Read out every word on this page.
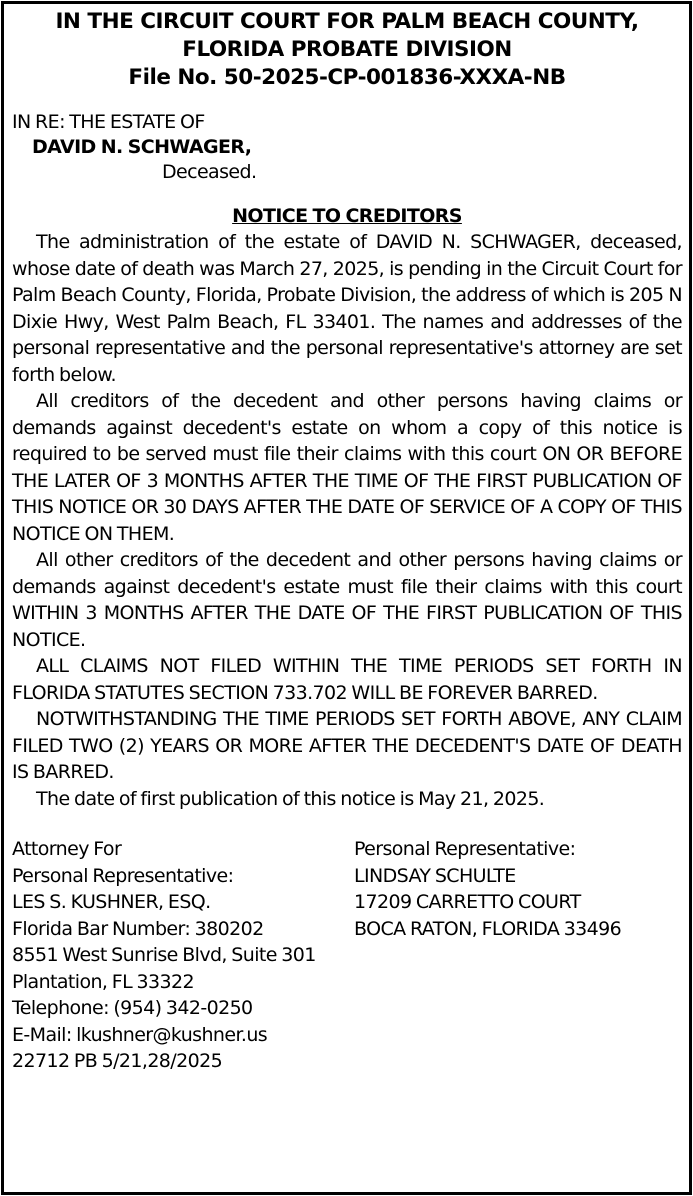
IN THE CIRCUIT COURT FOR PALM BEACH COUNTY,
FLORIDA PROBATE DIVISION
File No. 50-2025-CP-001836-XXXA-NB
IN RE: THE ESTATE OF
DAVID N. SCHWAGER,
Deceased.
NOTICE TO CREDITORS

The administration of the estate of DAVID N. SCHWAGER, deceased, whose date of death was March 27, 2025, is pending in the Circuit Court for Palm Beach County, Florida, Probate Division, the address of which is 205 N Dixie Hwy, West Palm Beach, FL 33401. The names and addresses of the personal representative and the personal representative's attorney are set forth below.

All creditors of the decedent and other persons having claims or demands against decedent's estate on whom a copy of this notice is required to be served must file their claims with this court ON OR BEFORE THE LATER OF 3 MONTHS AFTER THE TIME OF THE FIRST PUBLICATION OF THIS NOTICE OR 30 DAYS AFTER THE DATE OF SERVICE OF A COPY OF THIS NOTICE ON THEM.

All other creditors of the decedent and other persons having claims or demands against decedent's estate must file their claims with this court WITHIN 3 MONTHS AFTER THE DATE OF THE FIRST PUBLICATION OF THIS NOTICE.

ALL CLAIMS NOT FILED WITHIN THE TIME PERIODS SET FORTH IN FLORIDA STATUTES SECTION 733.702 WILL BE FOREVER BARRED.

NOTWITHSTANDING THE TIME PERIODS SET FORTH ABOVE, ANY CLAIM FILED TWO (2) YEARS OR MORE AFTER THE DECEDENT'S DATE OF DEATH IS BARRED.

The date of first publication of this notice is May 21, 2025.

Attorney For
Personal Representative:
LES S. KUSHNER, ESQ.
Florida Bar Number: 380202
8551 West Sunrise Blvd, Suite 301
Plantation, FL 33322
Telephone: (954) 342-0250
E-Mail: lkushner@kushner.us
22712 PB 5/21,28/2025
Personal Representative:
LINDSAY SCHULTE
17209 CARRETTO COURT
BOCA RATON, FLORIDA 33496
